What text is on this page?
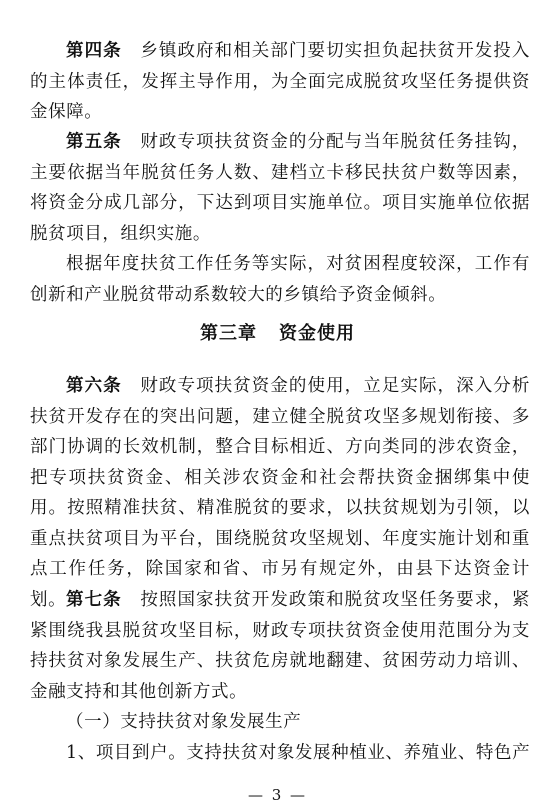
第四条　 乡镇政府和相关部门要切实担负起扶贫开发投入的主体责任，发挥主导作用，为全面完成脱贫攻坚任务提供资金保障。

第五条　 财政专项扶贫资金的分配与当年脱贫任务挂钩，主要依据当年脱贫任务人数、建档立卡移民扶贫户数等因素，将资金分成几部分，下达到项目实施单位。项目实施单位依据脱贫项目，组织实施。

根据年度扶贫工作任务等实际，对贫困程度较深，工作有创新和产业脱贫带动系数较大的乡镇给予资金倾斜。

第三章 资金使用

第六条　 财政专项扶贫资金的使用，立足实际，深入分析扶贫开发存在的突出问题，建立健全脱贫攻坚多规划衔接、多部门协调的长效机制，整合目标相近、方向类同的涉农资金，把专项扶贫资金、相关涉农资金和社会帮扶资金捆绑集中使用。按照精准扶贫、精准脱贫的要求，以扶贫规划为引领，以重点扶贫项目为平台，围绕脱贫攻坚规划、年度实施计划和重点工作任务，除国家和省、市另有规定外，由县下达资金计划。 第七条　 按照国家扶贫开发政策和脱贫攻坚任务要求，紧紧围绕我县脱贫攻坚目标，财政专项扶贫资金使用范围分为支持扶贫对象发展生产、扶贫危房就地翻建、贫困劳动力培训、金融支持和其他创新方式。

（一）支持扶贫对象发展生产

1、项目到户。支持扶贫对象发展种植业、养殖业、特色产

— 3 —
